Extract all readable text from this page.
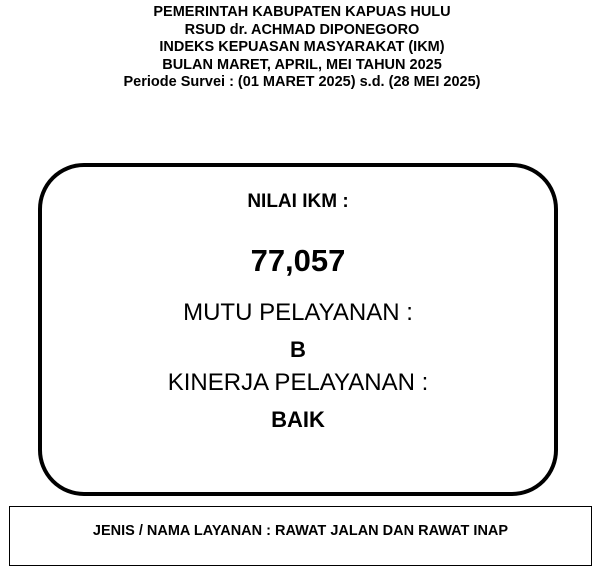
PEMERINTAH KABUPATEN KAPUAS HULU
RSUD dr. ACHMAD DIPONEGORO
INDEKS KEPUASAN MASYARAKAT (IKM)
BULAN MARET, APRIL, MEI TAHUN 2025
Periode Survei : (01 MARET 2025) s.d. (28 MEI 2025)
NILAI IKM :
77,057
MUTU PELAYANAN :
B
KINERJA PELAYANAN :
BAIK
JENIS / NAMA LAYANAN : RAWAT JALAN DAN RAWAT INAP
